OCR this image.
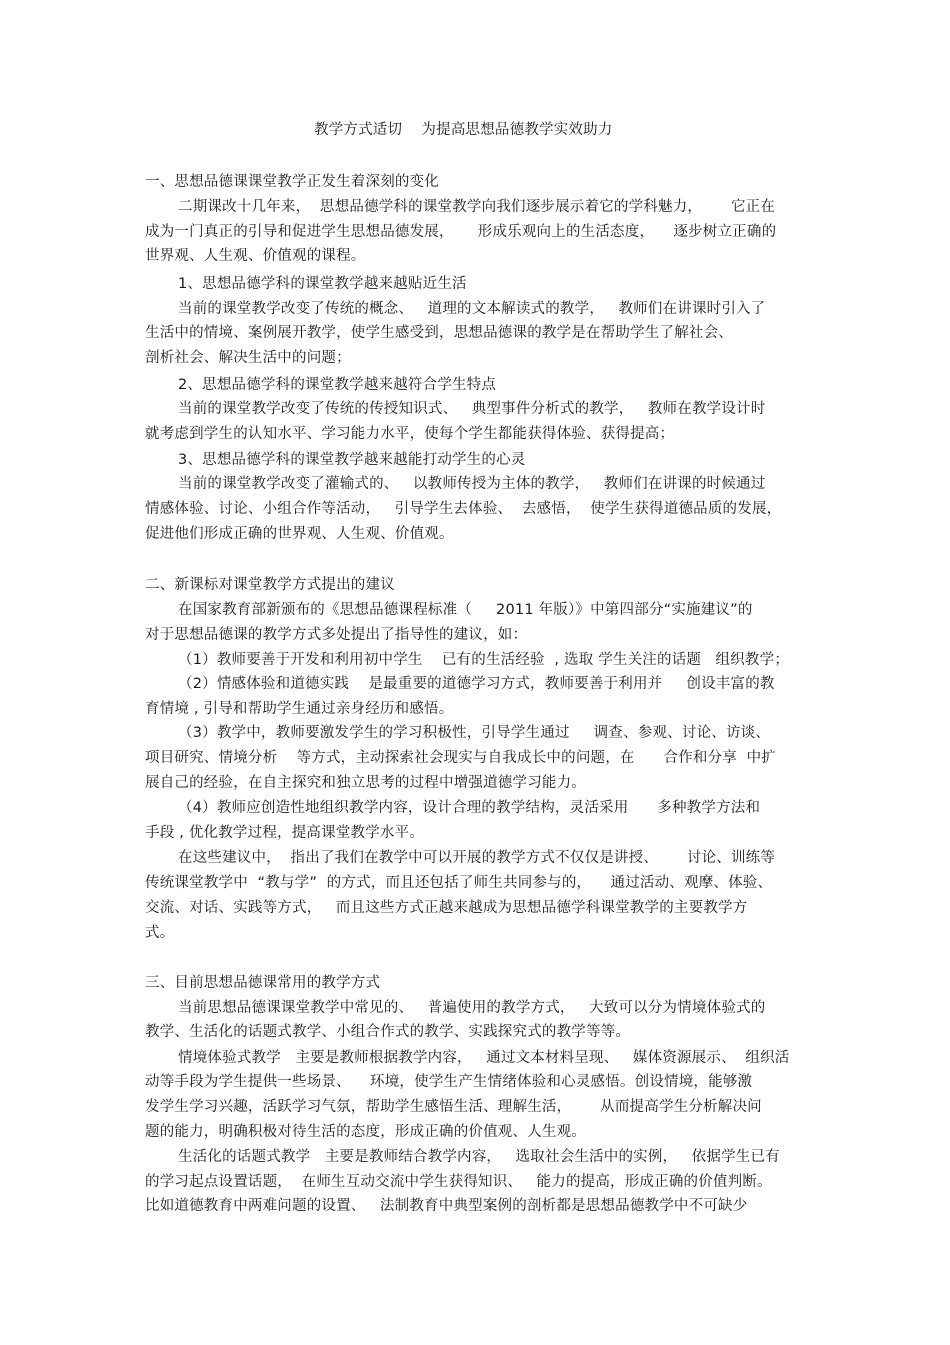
教学方式适切    为提高思想品德教学实效助力
一、思想品德课课堂教学正发生着深刻的变化
二期课改十几年来，  思想品德学科的课堂教学向我们逐步展示着它的学科魅力，      它正在
成为一门真正的引导和促进学生思想品德发展，     形成乐观向上的生活态度，    逐步树立正确的
世界观、人生观、价值观的课程。
1、思想品德学科的课堂教学越来越贴近生活
当前的课堂教学改变了传统的概念、   道理的文本解读式的教学，   教师们在讲课时引入了
生活中的情境、案例展开教学，使学生感受到，思想品德课的教学是在帮助学生了解社会、
剖析社会、解决生活中的问题；
2、思想品德学科的课堂教学越来越符合学生特点
当前的课堂教学改变了传统的传授知识式、   典型事件分析式的教学，   教师在教学设计时
就考虑到学生的认知水平、学习能力水平，使每个学生都能获得体验、获得提高；
3、思想品德学科的课堂教学越来越能打动学生的心灵
当前的课堂教学改变了灌输式的、   以教师传授为主体的教学，   教师们在讲课的时候通过
情感体验、讨论、小组合作等活动，   引导学生去体验、  去感悟，  使学生获得道德品质的发展，
促进他们形成正确的世界观、人生观、价值观。
二、新课标对课堂教学方式提出的建议
在国家教育部新颁布的《思想品德课程标准（     2011 年版）》中第四部分“实施建议”的
对于思想品德课的教学方式多处提出了指导性的建议，如：
（1）教师要善于开发和利用初中学生    已有的生活经验  , 选取 学生关注的话题   组织教学；
（2）情感体验和道德实践    是最重要的道德学习方式，教师要善于利用并     创设丰富的教
育情境 , 引导和帮助学生通过亲身经历和感悟。
（3）教学中，教师要激发学生的学习积极性，引导学生通过     调查、参观、讨论、访谈、
项目研究、情境分析    等方式，主动探索社会现实与自我成长中的问题，在      合作和分享  中扩
展自己的经验，在自主探究和独立思考的过程中增强道德学习能力。
（4）教师应创造性地组织教学内容，设计合理的教学结构，灵活采用      多种教学方法和
手段 , 优化教学过程，提高课堂教学水平。
在这些建议中，  指出了我们在教学中可以开展的教学方式不仅仅是讲授、      讨论、训练等
传统课堂教学中  “教与学”  的方式，而且还包括了师生共同参与的，    通过活动、观摩、体验、
交流、对话、实践等方式，   而且这些方式正越来越成为思想品德学科课堂教学的主要教学方
式。
三、目前思想品德课常用的教学方式
当前思想品德课课堂教学中常见的、   普遍使用的教学方式，   大致可以分为情境体验式的
教学、生活化的话题式教学、小组合作式的教学、实践探究式的教学等等。
情境体验式教学   主要是教师根据教学内容，   通过文本材料呈现、   媒体资源展示、  组织活
动等手段为学生提供一些场景、    环境，使学生产生情绪体验和心灵感悟。创设情境，能够激
发学生学习兴趣，活跃学习气氛，帮助学生感悟生活、理解生活，      从而提高学生分析解决问
题的能力，明确积极对待生活的态度，形成正确的价值观、人生观。
生活化的话题式教学   主要是教师结合教学内容，   选取社会生活中的实例，   依据学生已有
的学习起点设置话题，  在师生互动交流中学生获得知识、   能力的提高，形成正确的价值判断。
比如道德教育中两难问题的设置、   法制教育中典型案例的剖析都是思想品德教学中不可缺少
